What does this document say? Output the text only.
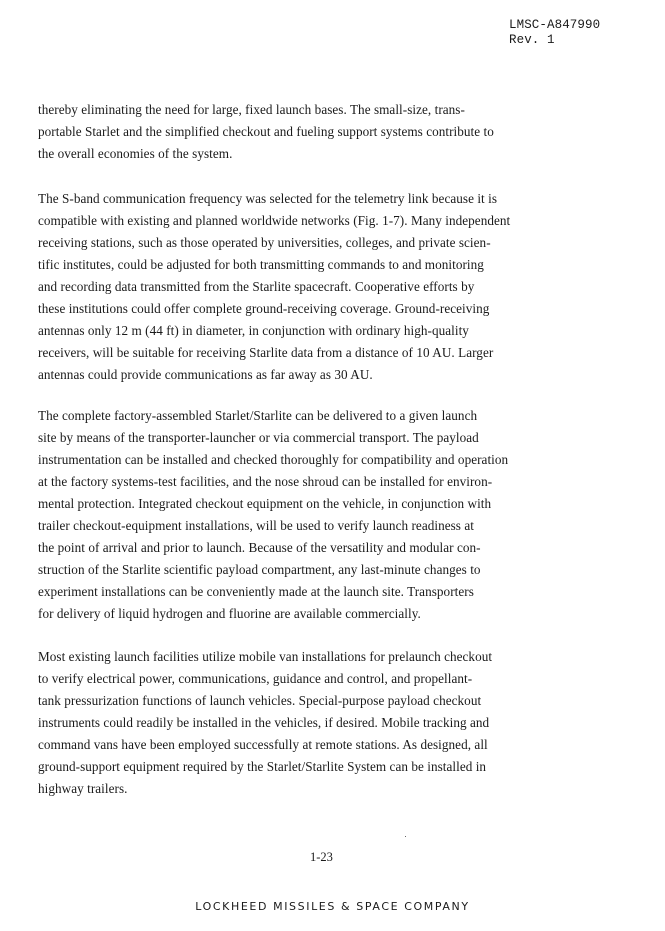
LMSC-A847990
Rev. 1
thereby eliminating the need for large, fixed launch bases. The small-size, trans-
portable Starlet and the simplified checkout and fueling support systems contribute to
the overall economies of the system.
The S-band communication frequency was selected for the telemetry link because it is
compatible with existing and planned worldwide networks (Fig. 1-7). Many independent
receiving stations, such as those operated by universities, colleges, and private scien-
tific institutes, could be adjusted for both transmitting commands to and monitoring
and recording data transmitted from the Starlite spacecraft. Cooperative efforts by
these institutions could offer complete ground-receiving coverage. Ground-receiving
antennas only 12 m (44 ft) in diameter, in conjunction with ordinary high-quality
receivers, will be suitable for receiving Starlite data from a distance of 10 AU. Larger
antennas could provide communications as far away as 30 AU.
The complete factory-assembled Starlet/Starlite can be delivered to a given launch
site by means of the transporter-launcher or via commercial transport. The payload
instrumentation can be installed and checked thoroughly for compatibility and operation
at the factory systems-test facilities, and the nose shroud can be installed for environ-
mental protection. Integrated checkout equipment on the vehicle, in conjunction with
trailer checkout-equipment installations, will be used to verify launch readiness at
the point of arrival and prior to launch. Because of the versatility and modular con-
struction of the Starlite scientific payload compartment, any last-minute changes to
experiment installations can be conveniently made at the launch site. Transporters
for delivery of liquid hydrogen and fluorine are available commercially.
Most existing launch facilities utilize mobile van installations for prelaunch checkout
to verify electrical power, communications, guidance and control, and propellant-
tank pressurization functions of launch vehicles. Special-purpose payload checkout
instruments could readily be installed in the vehicles, if desired. Mobile tracking and
command vans have been employed successfully at remote stations. As designed, all
ground-support equipment required by the Starlet/Starlite System can be installed in
highway trailers.
1-23
LOCKHEED MISSILES & SPACE COMPANY
